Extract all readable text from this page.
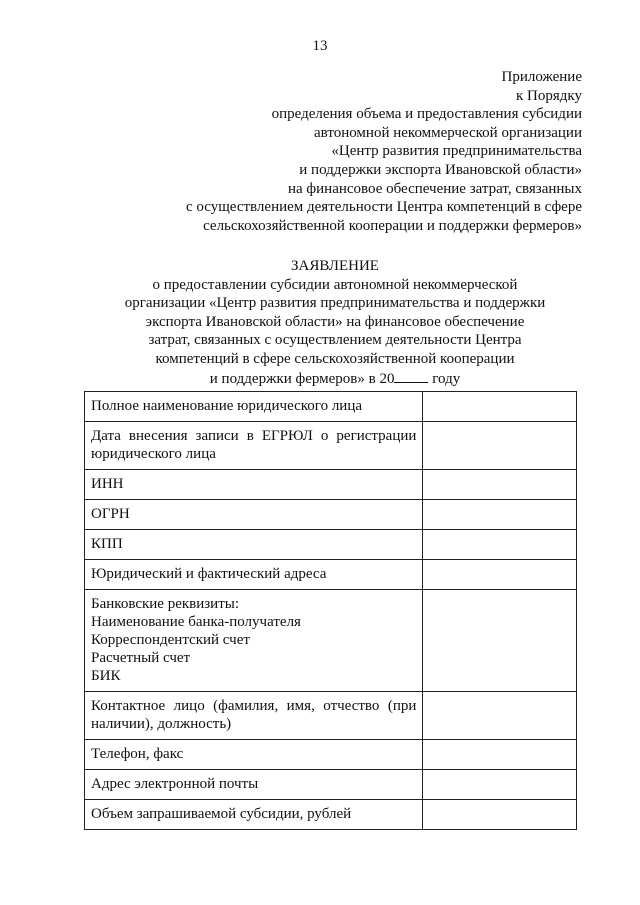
13
Приложение
к Порядку
определения объема и предоставления субсидии
автономной некоммерческой организации
«Центр развития предпринимательства
и поддержки экспорта Ивановской области»
на финансовое обеспечение затрат, связанных
с осуществлением деятельности Центра компетенций в сфере
сельскохозяйственной кооперации и поддержки фермеров»
ЗАЯВЛЕНИЕ
о предоставлении субсидии автономной некоммерческой
организации «Центр развития предпринимательства и поддержки
экспорта Ивановской области» на финансовое обеспечение
затрат, связанных с осуществлением деятельности Центра
компетенций в сфере сельскохозяйственной кооперации
и поддержки фермеров» в 20 году
Полное наименование юридического лица	

Дата внесения записи в ЕГРЮЛ о регистрации юридического лица	

ИНН	

ОГРН	

КПП	

Юридический и фактический адреса	

Банковские реквизиты:
Наименование банка-получателя
Корреспондентский счет
Расчетный счет
БИК	

Контактное лицо (фамилия, имя, отчество (при наличии), должность)	

Телефон, факс	

Адрес электронной почты	

Объем запрашиваемой субсидии, рублей	
